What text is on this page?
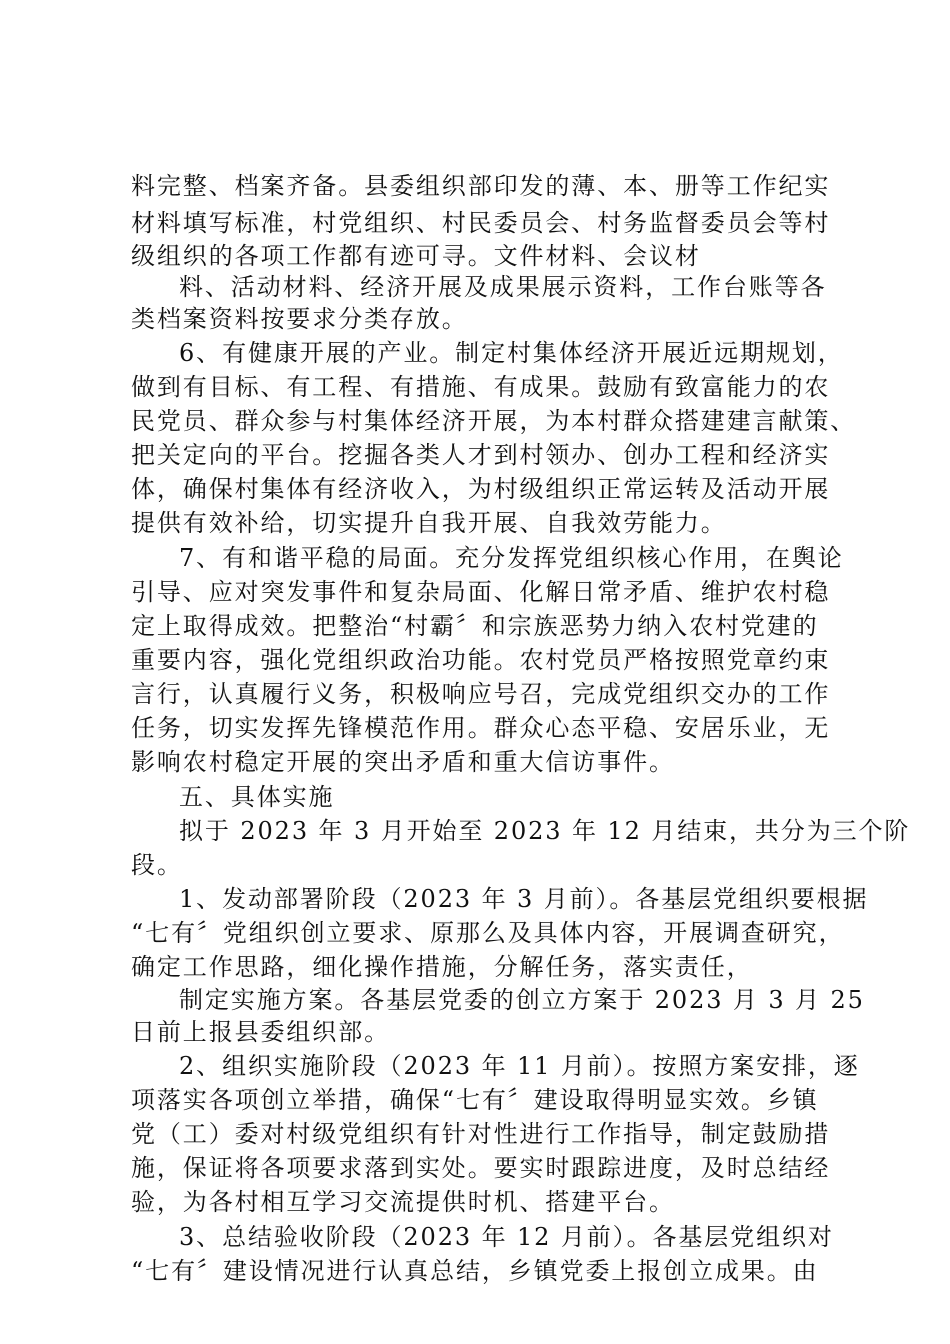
料完整、档案齐备。县委组织部印发的薄、本、册等工作纪实
材料填写标准，村党组织、村民委员会、村务监督委员会等村
级组织的各项工作都有迹可寻。文件材料、会议材
料、活动材料、经济开展及成果展示资料，工作台账等各
类档案资料按要求分类存放。
6、有健康开展的产业。制定村集体经济开展近远期规划，
做到有目标、有工程、有措施、有成果。鼓励有致富能力的农
民党员、群众参与村集体经济开展，为本村群众搭建建言献策、
把关定向的平台。挖掘各类人才到村领办、创办工程和经济实
体，确保村集体有经济收入，为村级组织正常运转及活动开展
提供有效补给，切实提升自我开展、自我效劳能力。
7、有和谐平稳的局面。充分发挥党组织核心作用，在舆论
引导、应对突发事件和复杂局面、化解日常矛盾、维护农村稳
定上取得成效。把整治“村霸〞和宗族恶势力纳入农村党建的
重要内容，强化党组织政治功能。农村党员严格按照党章约束
言行，认真履行义务，积极响应号召，完成党组织交办的工作
任务，切实发挥先锋模范作用。群众心态平稳、安居乐业，无
影响农村稳定开展的突出矛盾和重大信访事件。
五、具体实施
拟于 2023 年 3 月开始至 2023 年 12 月结束，共分为三个阶
段。
1、发动部署阶段（2023 年 3 月前）。各基层党组织要根据
“七有〞党组织创立要求、原那么及具体内容，开展调查研究，
确定工作思路，细化操作措施，分解任务，落实责任，
制定实施方案。各基层党委的创立方案于 2023 月 3 月 25
日前上报县委组织部。
2、组织实施阶段（2023 年 11 月前）。按照方案安排，逐
项落实各项创立举措，确保“七有〞建设取得明显实效。乡镇
党（工）委对村级党组织有针对性进行工作指导，制定鼓励措
施，保证将各项要求落到实处。要实时跟踪进度，及时总结经
验，为各村相互学习交流提供时机、搭建平台。
3、总结验收阶段（2023 年 12 月前）。各基层党组织对
“七有〞建设情况进行认真总结，乡镇党委上报创立成果。由
